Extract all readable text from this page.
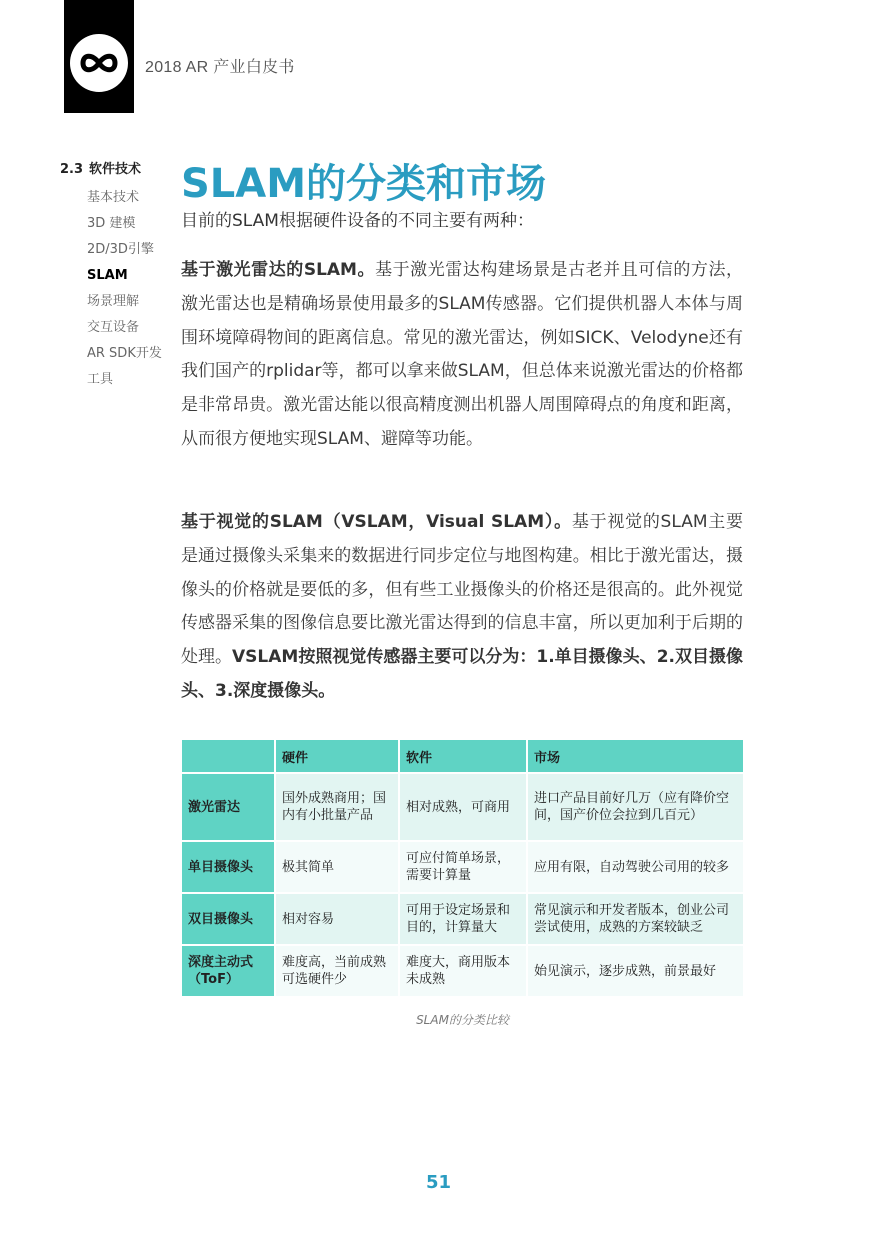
2018 AR 产业白皮书
2.3 软件技术
基本技术
3D 建模
2D/3D引擎
SLAM
场景理解
交互设备
AR SDK开发
工具
SLAM的分类和市场
目前的SLAM根据硬件设备的不同主要有两种：

基于激光雷达的SLAM。基于激光雷达构建场景是古老并且可信的方法，激光雷达也是精确场景使用最多的SLAM传感器。它们提供机器人本体与周围环境障碍物间的距离信息。常见的激光雷达，例如SICK、Velodyne还有我们国产的rplidar等，都可以拿来做SLAM，但总体来说激光雷达的价格都是非常昂贵。激光雷达能以很高精度测出机器人周围障碍点的角度和距离，从而很方便地实现SLAM、避障等功能。

基于视觉的SLAM（VSLAM，Visual SLAM）。基于视觉的SLAM主要是通过摄像头采集来的数据进行同步定位与地图构建。相比于激光雷达，摄像头的价格就是要低的多，但有些工业摄像头的价格还是很高的。此外视觉传感器采集的图像信息要比激光雷达得到的信息丰富，所以更加利于后期的处理。VSLAM按照视觉传感器主要可以分为：1.单目摄像头、2.双目摄像头、3.深度摄像头。

	硬件	软件	市场
激光雷达	国外成熟商用；国内有小批量产品	相对成熟，可商用	进口产品目前好几万（应有降价空间，国产价位会拉到几百元）
单目摄像头	极其简单	可应付简单场景，需要计算量	应用有限，自动驾驶公司用的较多
双目摄像头	相对容易	可用于设定场景和目的，计算量大	常见演示和开发者版本，创业公司尝试使用，成熟的方案较缺乏
深度主动式（ToF）	难度高，当前成熟可选硬件少	难度大，商用版本未成熟	始见演示，逐步成熟，前景最好
SLAM的分类比较
51
